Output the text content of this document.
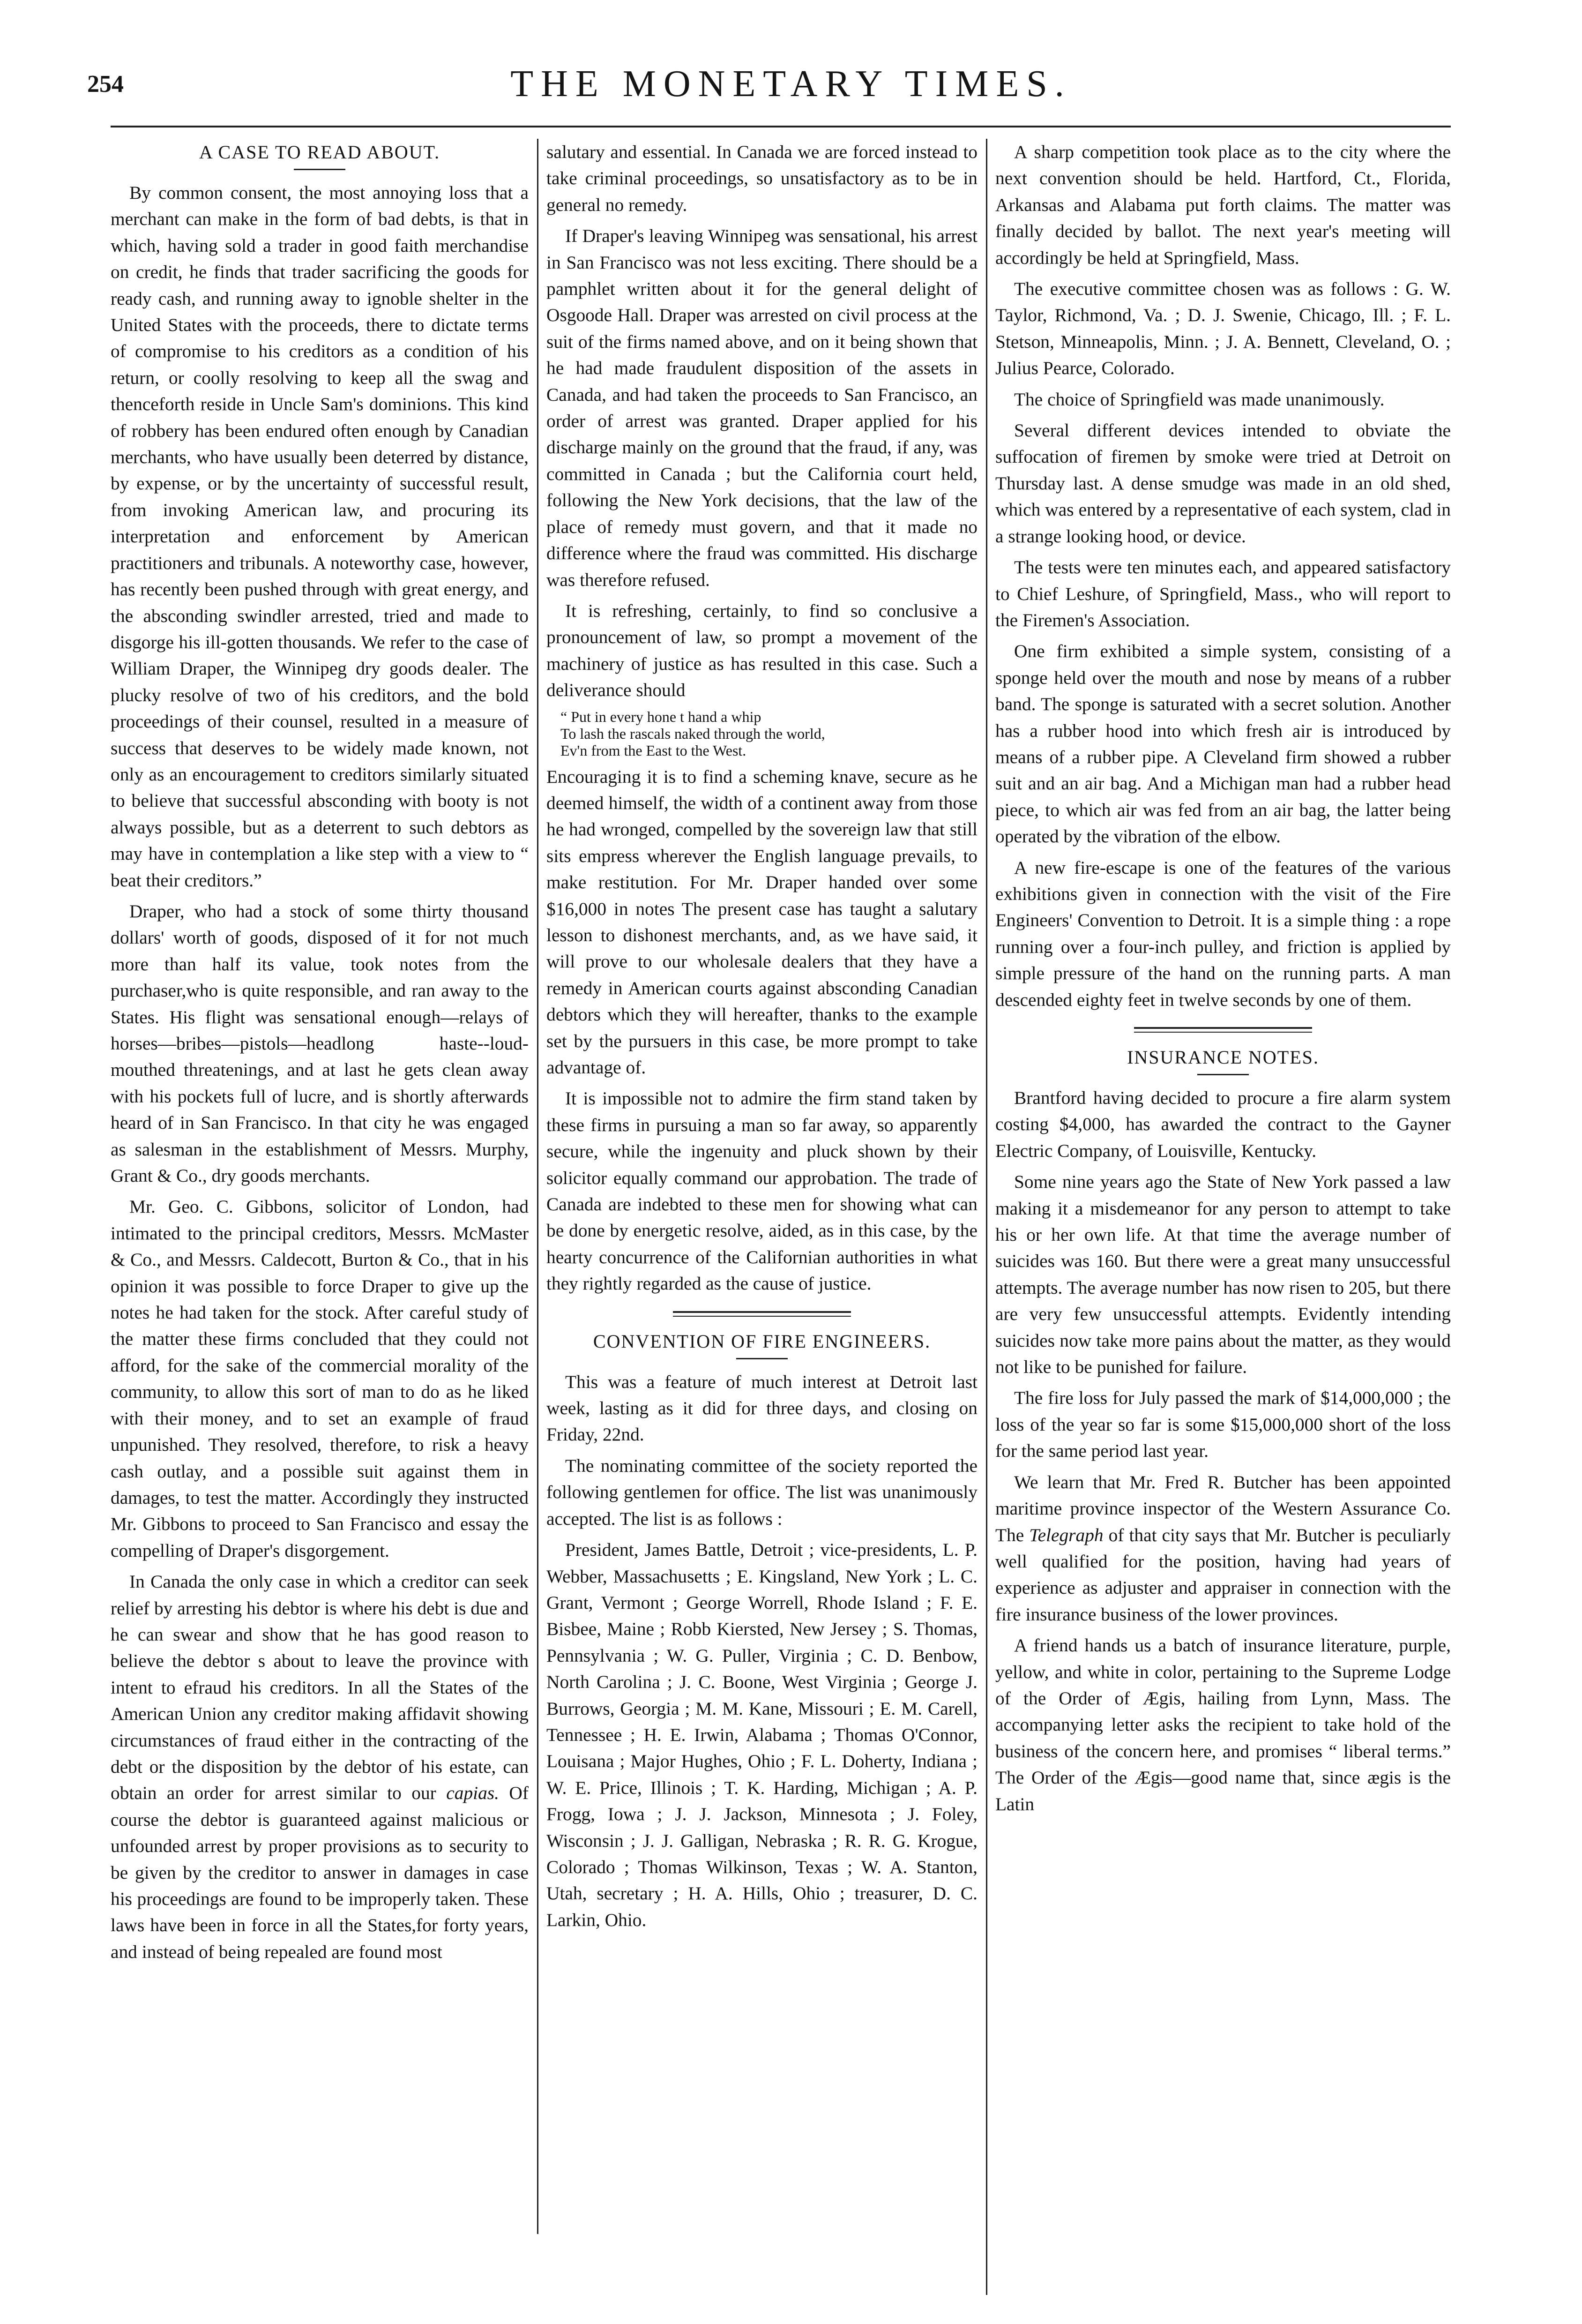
254	THE MONETARY TIMES.
A CASE TO READ ABOUT.

By common consent, the most annoying loss that a merchant can make in the form of bad debts, is that in which, having sold a trader in good faith merchandise on credit, he finds that trader sacrificing the goods for ready cash, and running away to ignoble shelter in the United States with the proceeds, there to dictate terms of compromise to his creditors as a condition of his return, or coolly resolving to keep all the swag and thenceforth reside in Uncle Sam's dominions. This kind of robbery has been endured often enough by Canadian merchants, who have usually been deterred by distance, by expense, or by the uncertainty of successful result, from invoking American law, and procuring its interpretation and enforcement by American practitioners and tribunals. A noteworthy case, however, has recently been pushed through with great energy, and the absconding swindler arrested, tried and made to disgorge his ill-gotten thousands. We refer to the case of William Draper, the Winnipeg dry goods dealer. The plucky resolve of two of his creditors, and the bold proceedings of their counsel, resulted in a measure of success that deserves to be widely made known, not only as an encouragement to creditors similarly situated to believe that successful absconding with booty is not always possible, but as a deterrent to such debtors as may have in contemplation a like step with a view to “ beat their creditors.”

Draper, who had a stock of some thirty thousand dollars' worth of goods, disposed of it for not much more than half its value, took notes from the purchaser,who is quite responsible, and ran away to the States. His flight was sensational enough—relays of horses—bribes—pistols—headlong haste--loud-mouthed threatenings, and at last he gets clean away with his pockets full of lucre, and is shortly afterwards heard of in San Francisco. In that city he was engaged as salesman in the establishment of Messrs. Murphy, Grant & Co., dry goods merchants.

Mr. Geo. C. Gibbons, solicitor of London, had intimated to the principal creditors, Messrs. McMaster & Co., and Messrs. Caldecott, Burton & Co., that in his opinion it was possible to force Draper to give up the notes he had taken for the stock. After careful study of the matter these firms concluded that they could not afford, for the sake of the commercial morality of the community, to allow this sort of man to do as he liked with their money, and to set an example of fraud unpunished. They resolved, therefore, to risk a heavy cash outlay, and a possible suit against them in damages, to test the matter. Accordingly they instructed Mr. Gibbons to proceed to San Francisco and essay the compelling of Draper's disgorgement.

In Canada the only case in which a creditor can seek relief by arresting his debtor is where his debt is due and he can swear and show that he has good reason to believe the debtor s about to leave the province with intent to efraud his creditors. In all the States of the American Union any creditor making affidavit showing circumstances of fraud either in the contracting of the debt or the disposition by the debtor of his estate, can obtain an order for arrest similar to our capias. Of course the debtor is guaranteed against malicious or unfounded arrest by proper provisions as to security to be given by the creditor to answer in damages in case his proceedings are found to be improperly taken. These laws have been in force in all the States,for forty years, and instead of being repealed are found most

salutary and essential. In Canada we are forced instead to take criminal proceedings, so unsatisfactory as to be in general no remedy.

If Draper's leaving Winnipeg was sensational, his arrest in San Francisco was not less exciting. There should be a pamphlet written about it for the general delight of Osgoode Hall. Draper was arrested on civil process at the suit of the firms named above, and on it being shown that he had made fraudulent disposition of the assets in Canada, and had taken the proceeds to San Francisco, an order of arrest was granted. Draper applied for his discharge mainly on the ground that the fraud, if any, was committed in Canada ; but the California court held, following the New York decisions, that the law of the place of remedy must govern, and that it made no difference where the fraud was committed. His discharge was therefore refused.

It is refreshing, certainly, to find so conclusive a pronouncement of law, so prompt a movement of the machinery of justice as has resulted in this case. Such a deliverance should

“ Put in every hone t hand a whip
To lash the rascals naked through the world,
Ev'n from the East to the West.

Encouraging it is to find a scheming knave, secure as he deemed himself, the width of a continent away from those he had wronged, compelled by the sovereign law that still sits empress wherever the English language prevails, to make restitution. For Mr. Draper handed over some $16,000 in notes The present case has taught a salutary lesson to dishonest merchants, and, as we have said, it will prove to our wholesale dealers that they have a remedy in American courts against absconding Canadian debtors which they will hereafter, thanks to the example set by the pursuers in this case, be more prompt to take advantage of.

It is impossible not to admire the firm stand taken by these firms in pursuing a man so far away, so apparently secure, while the ingenuity and pluck shown by their solicitor equally command our approbation. The trade of Canada are indebted to these men for showing what can be done by energetic resolve, aided, as in this case, by the hearty concurrence of the Californian authorities in what they rightly regarded as the cause of justice.

CONVENTION OF FIRE ENGINEERS.

This was a feature of much interest at Detroit last week, lasting as it did for three days, and closing on Friday, 22nd.

The nominating committee of the society reported the following gentlemen for office. The list was unanimously accepted. The list is as follows :

President, James Battle, Detroit ; vice-presidents, L. P. Webber, Massachusetts ; E. Kingsland, New York ; L. C. Grant, Vermont ; George Worrell, Rhode Island ; F. E. Bisbee, Maine ; Robb Kiersted, New Jersey ; S. Thomas, Pennsylvania ; W. G. Puller, Virginia ; C. D. Benbow, North Carolina ; J. C. Boone, West Virginia ; George J. Burrows, Georgia ; M. M. Kane, Missouri ; E. M. Carell, Tennessee ; H. E. Irwin, Alabama ; Thomas O'Connor, Louisana ; Major Hughes, Ohio ; F. L. Doherty, Indiana ; W. E. Price, Illinois ; T. K. Harding, Michigan ; A. P. Frogg, Iowa ; J. J. Jackson, Minnesota ; J. Foley, Wisconsin ; J. J. Galligan, Nebraska ; R. R. G. Krogue, Colorado ; Thomas Wilkinson, Texas ; W. A. Stanton, Utah, secretary ; H. A. Hills, Ohio ; treasurer, D. C. Larkin, Ohio.

A sharp competition took place as to the city where the next convention should be held. Hartford, Ct., Florida, Arkansas and Alabama put forth claims. The matter was finally decided by ballot. The next year's meeting will accordingly be held at Springfield, Mass.

The executive committee chosen was as follows : G. W. Taylor, Richmond, Va. ; D. J. Swenie, Chicago, Ill. ; F. L. Stetson, Minneapolis, Minn. ; J. A. Bennett, Cleveland, O. ; Julius Pearce, Colorado.

The choice of Springfield was made unanimously.

Several different devices intended to obviate the suffocation of firemen by smoke were tried at Detroit on Thursday last. A dense smudge was made in an old shed, which was entered by a representative of each system, clad in a strange looking hood, or device.

The tests were ten minutes each, and appeared satisfactory to Chief Leshure, of Springfield, Mass., who will report to the Firemen's Association.

One firm exhibited a simple system, consisting of a sponge held over the mouth and nose by means of a rubber band. The sponge is saturated with a secret solution. Another has a rubber hood into which fresh air is introduced by means of a rubber pipe. A Cleveland firm showed a rubber suit and an air bag. And a Michigan man had a rubber head piece, to which air was fed from an air bag, the latter being operated by the vibration of the elbow.

A new fire-escape is one of the features of the various exhibitions given in connection with the visit of the Fire Engineers' Convention to Detroit. It is a simple thing : a rope running over a four-inch pulley, and friction is applied by simple pressure of the hand on the running parts. A man descended eighty feet in twelve seconds by one of them.

INSURANCE NOTES.

Brantford having decided to procure a fire alarm system costing $4,000, has awarded the contract to the Gayner Electric Company, of Louisville, Kentucky.

Some nine years ago the State of New York passed a law making it a misdemeanor for any person to attempt to take his or her own life. At that time the average number of suicides was 160. But there were a great many unsuccessful attempts. The average number has now risen to 205, but there are very few unsuccessful attempts. Evidently intending suicides now take more pains about the matter, as they would not like to be punished for failure.

The fire loss for July passed the mark of $14,000,000 ; the loss of the year so far is some $15,000,000 short of the loss for the same period last year.

We learn that Mr. Fred R. Butcher has been appointed maritime province inspector of the Western Assurance Co. The Telegraph of that city says that Mr. Butcher is peculiarly well qualified for the position, having had years of experience as adjuster and appraiser in connection with the fire insurance business of the lower provinces.

A friend hands us a batch of insurance literature, purple, yellow, and white in color, pertaining to the Supreme Lodge of the Order of Ægis, hailing from Lynn, Mass. The accompanying letter asks the recipient to take hold of the business of the concern here, and promises “ liberal terms.” The Order of the Ægis—good name that, since ægis is the Latin
